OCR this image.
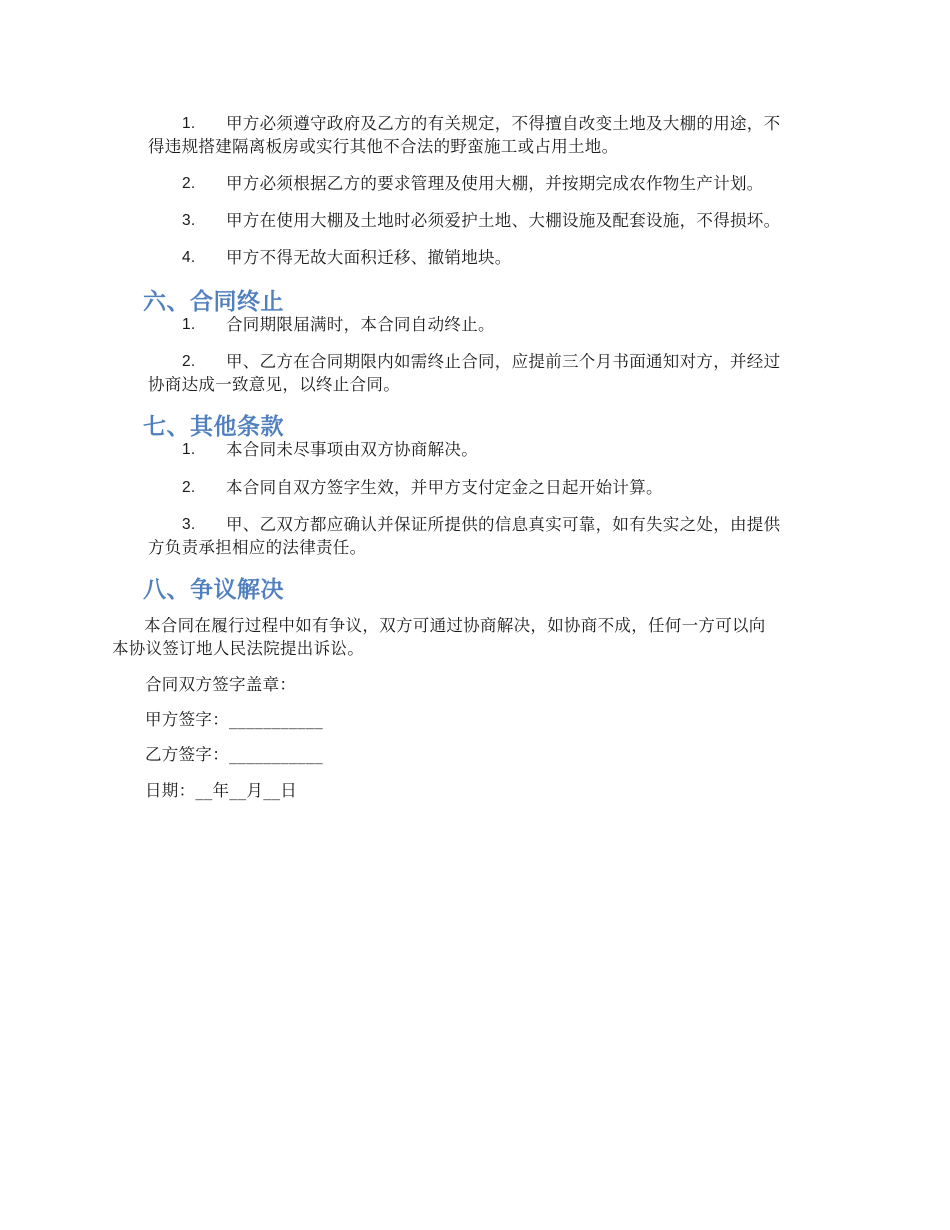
1.	甲方必须遵守政府及乙方的有关规定，不得擅自改变土地及大棚的用途，不
得违规搭建隔离板房或实行其他不合法的野蛮施工或占用土地。
2.	甲方必须根据乙方的要求管理及使用大棚，并按期完成农作物生产计划。
3.	甲方在使用大棚及土地时必须爱护土地、大棚设施及配套设施，不得损坏。
4.	甲方不得无故大面积迁移、撤销地块。
六、合同终止
1.	合同期限届满时，本合同自动终止。
2.	甲、乙方在合同期限内如需终止合同，应提前三个月书面通知对方，并经过
协商达成一致意见，以终止合同。
七、其他条款
1.	本合同未尽事项由双方协商解决。
2.	本合同自双方签字生效，并甲方支付定金之日起开始计算。
3.	甲、乙双方都应确认并保证所提供的信息真实可靠，如有失实之处，由提供
方负责承担相应的法律责任。
八、争议解决
本合同在履行过程中如有争议，双方可通过协商解决，如协商不成，任何一方可以向
本协议签订地人民法院提出诉讼。
合同双方签字盖章：
甲方签字：___________
乙方签字：___________
日期：__年__月__日
